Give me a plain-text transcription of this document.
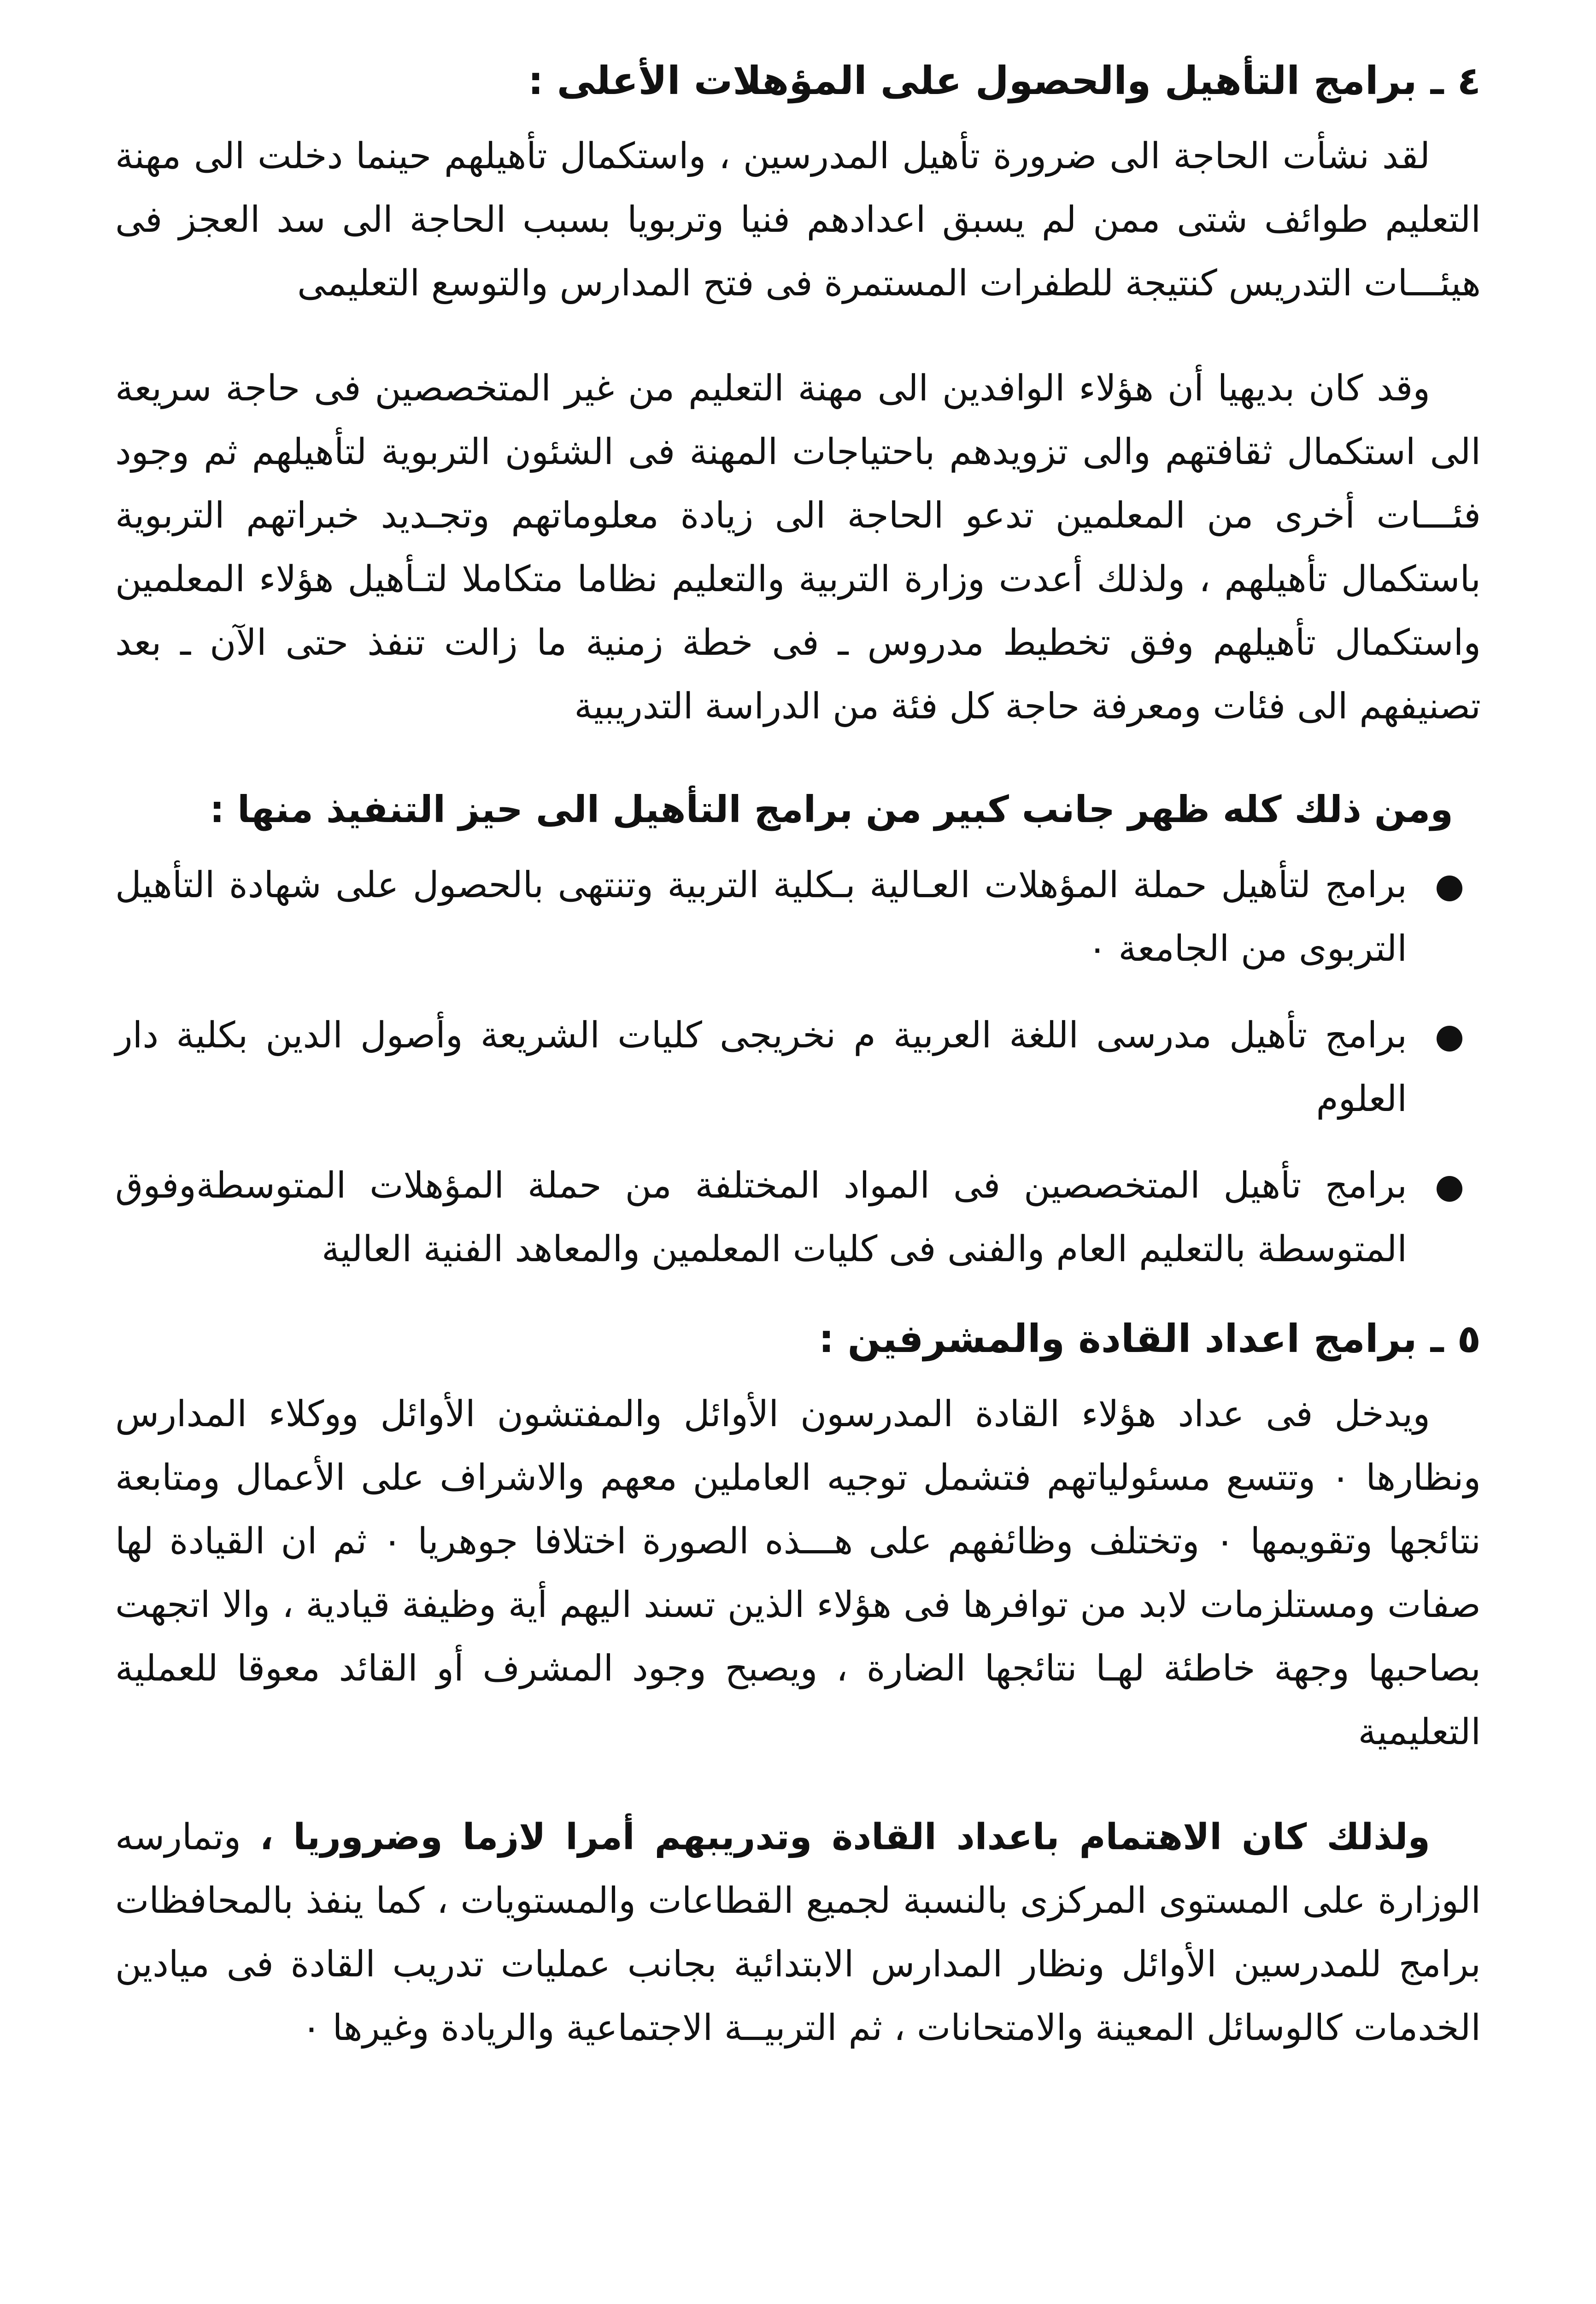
٤ ـ برامج التأهيل والحصول على المؤهلات الأعلى :

لقد نشأت الحاجة الى ضرورة تأهيل المدرسين ، واستكمال تأهيلهم حينما دخلت الى مهنة التعليم طوائف شتى ممن لم يسبق اعدادهم فنيا وتربويا بسبب الحاجة الى سد العجز فى هيئـــات التدريس كنتيجة للطفرات المستمرة فى فتح المدارس والتوسع التعليمى

وقد كان بديهيا أن هؤلاء الوافدين الى مهنة التعليم من غير المتخصصين فى حاجة سريعة الى استكمال ثقافتهم والى تزويدهم باحتياجات المهنة فى الشئون التربوية لتأهيلهم ثم وجود فئـــات أخرى من المعلمين تدعو الحاجة الى زيادة معلوماتهم وتجـديد خبراتهم التربوية باستكمال تأهيلهم ، ولذلك أعدت وزارة التربية والتعليم نظاما متكاملا لتـأهيل هؤلاء المعلمين واستكمال تأهيلهم وفق تخطيط مدروس ـ فى خطة زمنية ما زالت تنفذ حتى الآن ـ بعد تصنيفهم الى فئات ومعرفة حاجة كل فئة من الدراسة التدريبية

ومن ذلك كله ظهر جانب كبير من برامج التأهيل الى حيز التنفيذ منها :

برامج لتأهيل حملة المؤهلات العـالية بـكلية التربية وتنتهى بالحصول على شهادة التأهيل التربوى من الجامعة ٠
برامج تأهيل مدرسى اللغة العربية م نخريجى كليات الشريعة وأصول الدين بكلية دار العلوم
برامج تأهيل المتخصصين فى المواد المختلفة من حملة المؤهلات المتوسطةوفوق المتوسطة بالتعليم العام والفنى فى كليات المعلمين والمعاهد الفنية العالية
٥ ـ برامج اعداد القادة والمشرفين :

ويدخل فى عداد هؤلاء القادة المدرسون الأوائل والمفتشون الأوائل ووكلاء المدارس ونظارها ٠ وتتسع مسئولياتهم فتشمل توجيه العاملين معهم والاشراف على الأعمال ومتابعة نتائجها وتقويمها ٠ وتختلف وظائفهم على هـــذه الصورة اختلافا جوهريا ٠ ثم ان القيادة لها صفات ومستلزمات لابد من توافرها فى هؤلاء الذين تسند اليهم أية وظيفة قيادية ، والا اتجهت بصاحبها وجهة خاطئة لهـا نتائجها الضارة ، ويصبح وجود المشرف أو القائد معوقا للعملية التعليمية

ولذلك كان الاهتمام باعداد القادة وتدريبهم أمرا لازما وضروريا ، وتمارسه الوزارة على المستوى المركزى بالنسبة لجميع القطاعات والمستويات ، كما ينفذ بالمحافظات برامج للمدرسين الأوائل ونظار المدارس الابتدائية بجانب عمليات تدريب القادة فى ميادين الخدمات كالوسائل المعينة والامتحانات ، ثم التربيــة الاجتماعية والريادة وغيرها ٠
